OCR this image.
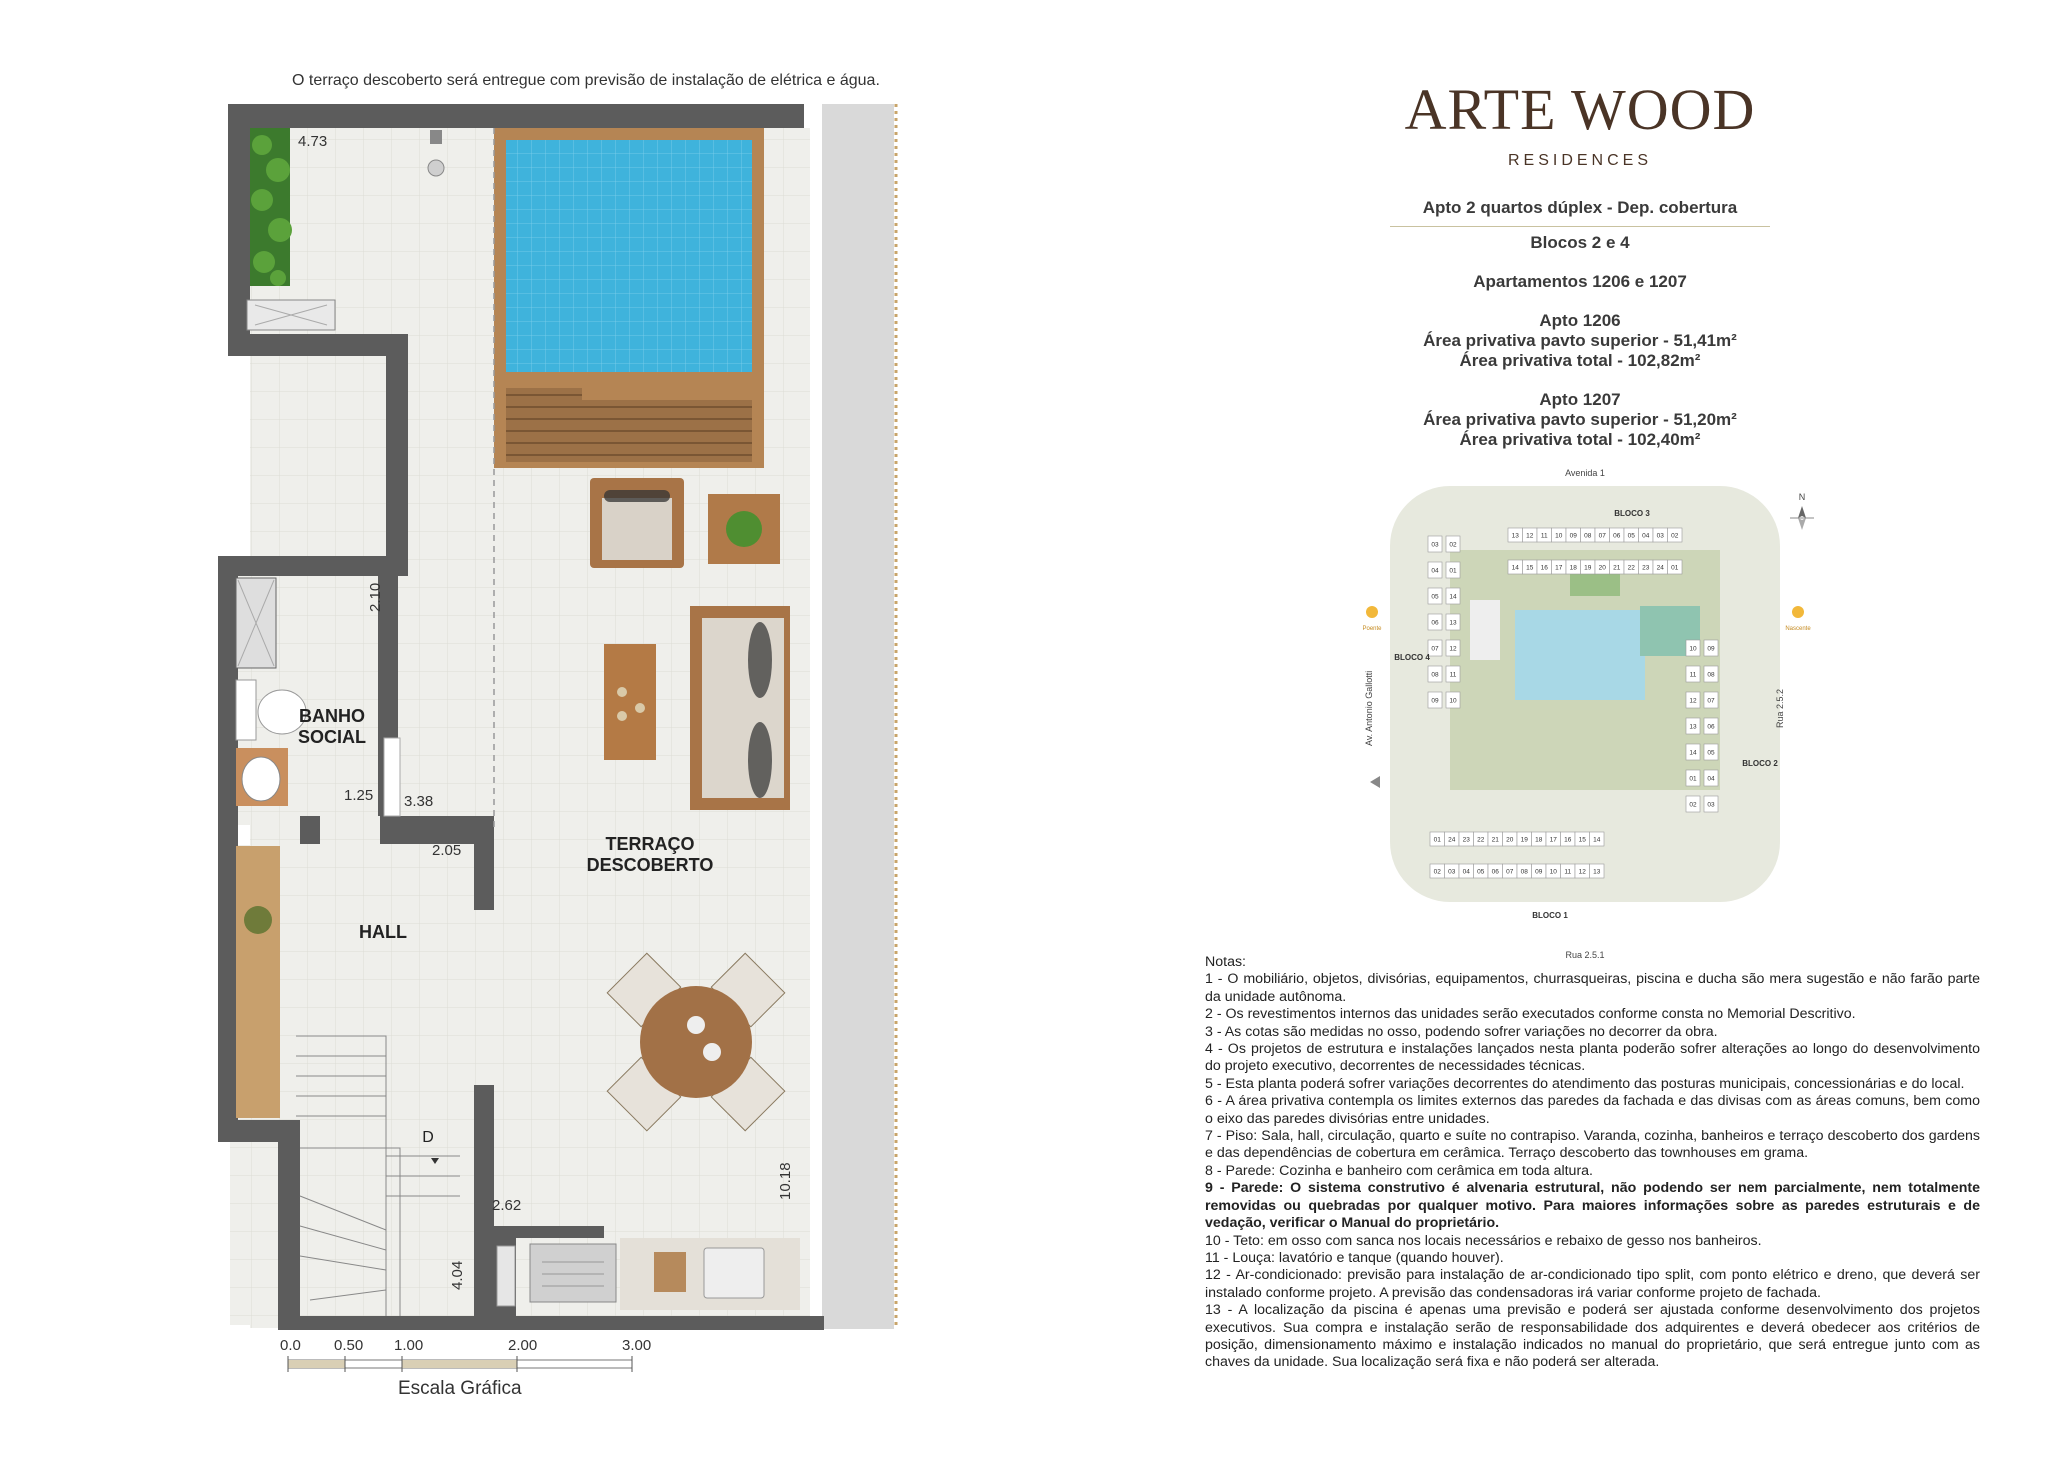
O terraço descoberto será entregue com previsão de instalação de elétrica e água.
4.73
2.10
1.25 3.38
2.05
10.18
2.62
4.04
BANHO
SOCIAL
HALL
TERRAÇO
DESCOBERTO
D
0.0 0.50 1.00	2.00	3.00
Escala Gráfica
ARTE WOOD
RESIDENCES
Apto 2 quartos dúplex - Dep. cobertura
Blocos 2 e 4
Apartamentos 1206 e 1207
Apto 1206
Área privativa pavto superior - 51,41m²
Área privativa total - 102,82m²
Apto 1207
Área privativa pavto superior - 51,20m²
Área privativa total - 102,40m²
13 12 11 10 09 08 07 06 05 04 03 02
14 15 16 17 18 19 20 21 22 23 24 01
01 24 23 22 21 20 19 18 17 16 15 14
02 03 04 05 06 07 08 09 10 11 12 13
03
04
05
06
07
08
09
02
01
14
13
12
11
10
10
11
12
13
14
01
02
09
08
07
06
05
04
03
Avenida 1
Rua 2.5.1
Av. Antonio Gallotti	Rua 2.5.2
BLOCO 3
BLOCO 1
BLOCO 4
BLOCO 2
N
Poente	Nascente
Notas:
1 - O mobiliário, objetos, divisórias, equipamentos, churrasqueiras, piscina e ducha são mera sugestão e não farão parte da unidade autônoma.
2 - Os revestimentos internos das unidades serão executados conforme consta no Memorial Descritivo.
3 - As cotas são medidas no osso, podendo sofrer variações no decorrer da obra.
4 - Os projetos de estrutura e instalações lançados nesta planta poderão sofrer alterações ao longo do desenvolvimento do projeto executivo, decorrentes de necessidades técnicas.
5 - Esta planta poderá sofrer variações decorrentes do atendimento das posturas municipais, concessionárias e do local.
6 - A área privativa contempla os limites externos das paredes da fachada e das divisas com as áreas comuns, bem como o eixo das paredes divisórias entre unidades.
7 - Piso: Sala, hall, circulação, quarto e suíte no contrapiso. Varanda, cozinha, banheiros e terraço descoberto dos gardens e das dependências de cobertura em cerâmica. Terraço descoberto das townhouses em grama.
8 - Parede: Cozinha e banheiro com cerâmica em toda altura.
9 - Parede: O sistema construtivo é alvenaria estrutural, não podendo ser nem parcialmente, nem totalmente removidas ou quebradas por qualquer motivo. Para maiores informações sobre as paredes estruturais e de vedação, verificar o Manual do proprietário.
10 - Teto: em osso com sanca nos locais necessários e rebaixo de gesso nos banheiros.
11 - Louça: lavatório e tanque (quando houver).
12 - Ar-condicionado: previsão para instalação de ar-condicionado tipo split, com ponto elétrico e dreno, que deverá ser instalado conforme projeto. A previsão das condensadoras irá variar conforme projeto de fachada.
13 - A localização da piscina é apenas uma previsão e poderá ser ajustada conforme desenvolvimento dos projetos executivos. Sua compra e instalação serão de responsabilidade dos adquirentes e deverá obedecer aos critérios de posição, dimensionamento máximo e instalação indicados no manual do proprietário, que será entregue junto com as chaves da unidade. Sua localização será fixa e não poderá ser alterada.
